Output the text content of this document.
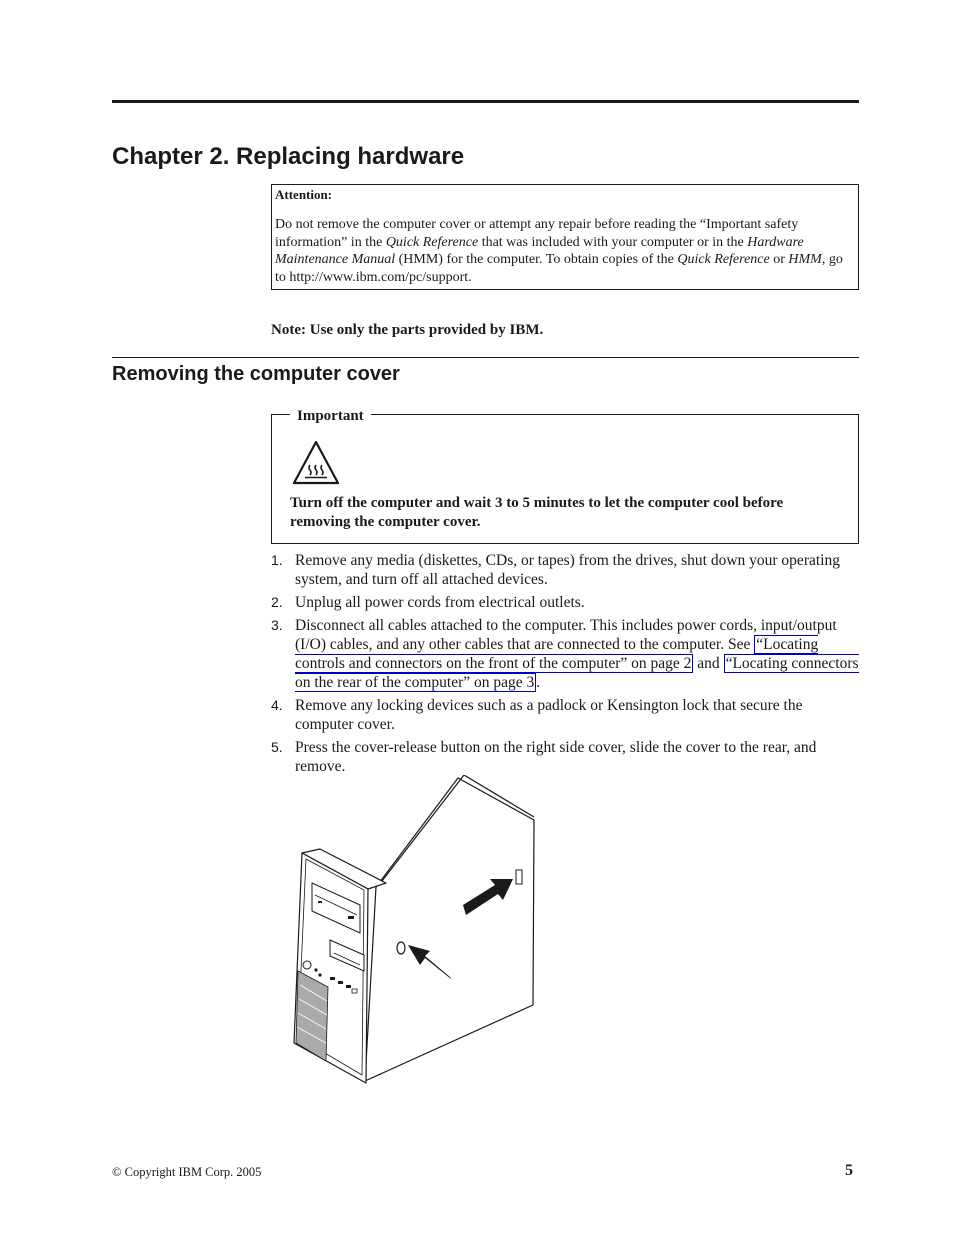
Chapter 2. Replacing hardware
Attention:
Do not remove the computer cover or attempt any repair before reading the “Important safety information” in the Quick Reference that was included with your computer or in the Hardware Maintenance Manual (HMM) for the computer. To obtain copies of the Quick Reference or HMM, go to http://www.ibm.com/pc/support.
Note: Use only the parts provided by IBM.
Removing the computer cover
Important
Turn off the computer and wait 3 to 5 minutes to let the computer cool before removing the computer cover.
1. Remove any media (diskettes, CDs, or tapes) from the drives, shut down your operating system, and turn off all attached devices.
2. Unplug all power cords from electrical outlets.
3. Disconnect all cables attached to the computer. This includes power cords, input/output (I/O) cables, and any other cables that are connected to the computer. See “Locating controls and connectors on the front of the computer” on page 2 and “Locating connectors on the rear of the computer” on page 3 .
4. Remove any locking devices such as a padlock or Kensington lock that secure the computer cover.
5. Press the cover-release button on the right side cover, slide the cover to the rear, and remove.
© Copyright IBM Corp. 2005	5
